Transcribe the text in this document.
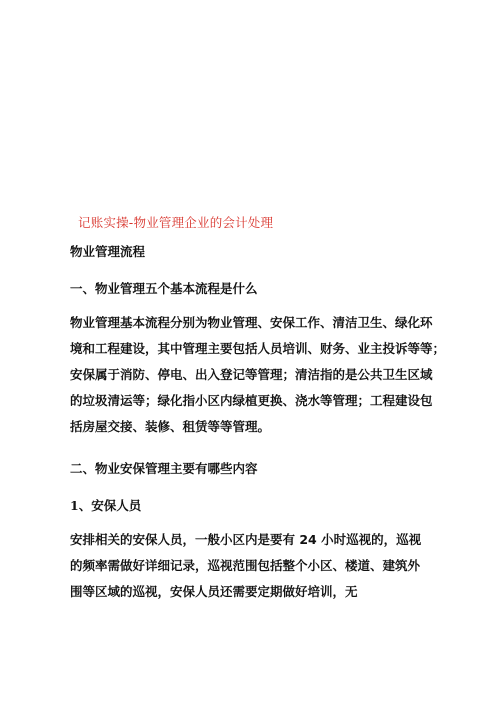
记账实操-物业管理企业的会计处理
物业管理流程
一、物业管理五个基本流程是什么
物业管理基本流程分别为物业管理、安保工作、清洁卫生、绿化环
境和工程建设，其中管理主要包括人员培训、财务、业主投诉等等；
安保属于消防、停电、出入登记等管理；清洁指的是公共卫生区域
的垃圾清运等；绿化指小区内绿植更换、浇水等管理；工程建设包
括房屋交接、装修、租赁等等管理。
二、物业安保管理主要有哪些内容
1、安保人员
安排相关的安保人员，一般小区内是要有 24 小时巡视的，巡视
的频率需做好详细记录，巡视范围包括整个小区、楼道、建筑外
围等区域的巡视，安保人员还需要定期做好培训，无
